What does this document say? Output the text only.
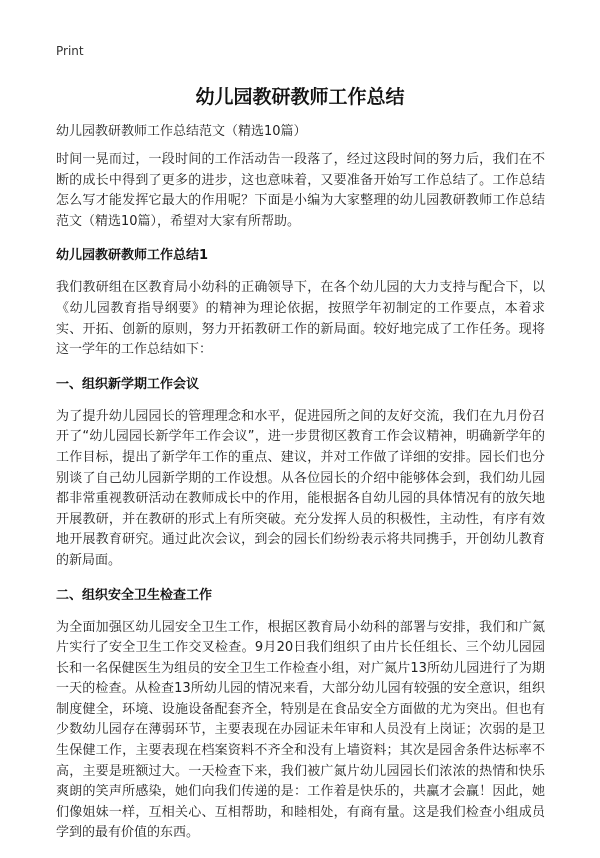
Print
幼儿园教研教师工作总结
幼儿园教研教师工作总结范文（精选10篇）

时间一晃而过，一段时间的工作活动告一段落了，经过这段时间的努力后，我们在不断的成长中得到了更多的进步，这也意味着，又要准备开始写工作总结了。工作总结怎么写才能发挥它最大的作用呢？下面是小编为大家整理的幼儿园教研教师工作总结范文（精选10篇），希望对大家有所帮助。

幼儿园教研教师工作总结1

我们教研组在区教育局小幼科的正确领导下，在各个幼儿园的大力支持与配合下，以《幼儿园教育指导纲要》的精神为理论依据，按照学年初制定的工作要点，本着求实、开拓、创新的原则，努力开拓教研工作的新局面。较好地完成了工作任务。现将这一学年的工作总结如下：

一、组织新学期工作会议

为了提升幼儿园园长的管理理念和水平，促进园所之间的友好交流，我们在九月份召开了“幼儿园园长新学年工作会议”，进一步贯彻区教育工作会议精神，明确新学年的工作目标，提出了新学年工作的重点、建议，并对工作做了详细的安排。园长们也分别谈了自己幼儿园新学期的工作设想。从各位园长的介绍中能够体会到，我们幼儿园都非常重视教研活动在教师成长中的作用，能根据各自幼儿园的具体情况有的放矢地开展教研，并在教研的形式上有所突破。充分发挥人员的积极性，主动性，有序有效地开展教育研究。通过此次会议，到会的园长们纷纷表示将共同携手，开创幼儿教育的新局面。

二、组织安全卫生检查工作

为全面加强区幼儿园安全卫生工作，根据区教育局小幼科的部署与安排，我们和广氮片实行了安全卫生工作交叉检查。9月20日我们组织了由片长任组长、三个幼儿园园长和一名保健医生为组员的安全卫生工作检查小组，对广氮片13所幼儿园进行了为期一天的检查。从检查13所幼儿园的情况来看，大部分幼儿园有较强的安全意识，组织制度健全，环境、设施设备配套齐全，特别是在食品安全方面做的尤为突出。但也有少数幼儿园存在薄弱环节，主要表现在办园证未年审和人员没有上岗证；次弱的是卫生保健工作，主要表现在档案资料不齐全和没有上墙资料；其次是园舍条件达标率不高，主要是班额过大。一天检查下来，我们被广氮片幼儿园园长们浓浓的热情和快乐爽朗的笑声所感染，她们向我们传递的是：工作着是快乐的，共赢才会赢！因此，她们像姐妹一样，互相关心、互相帮助，和睦相处，有商有量。这是我们检查小组成员学到的最有价值的东西。
